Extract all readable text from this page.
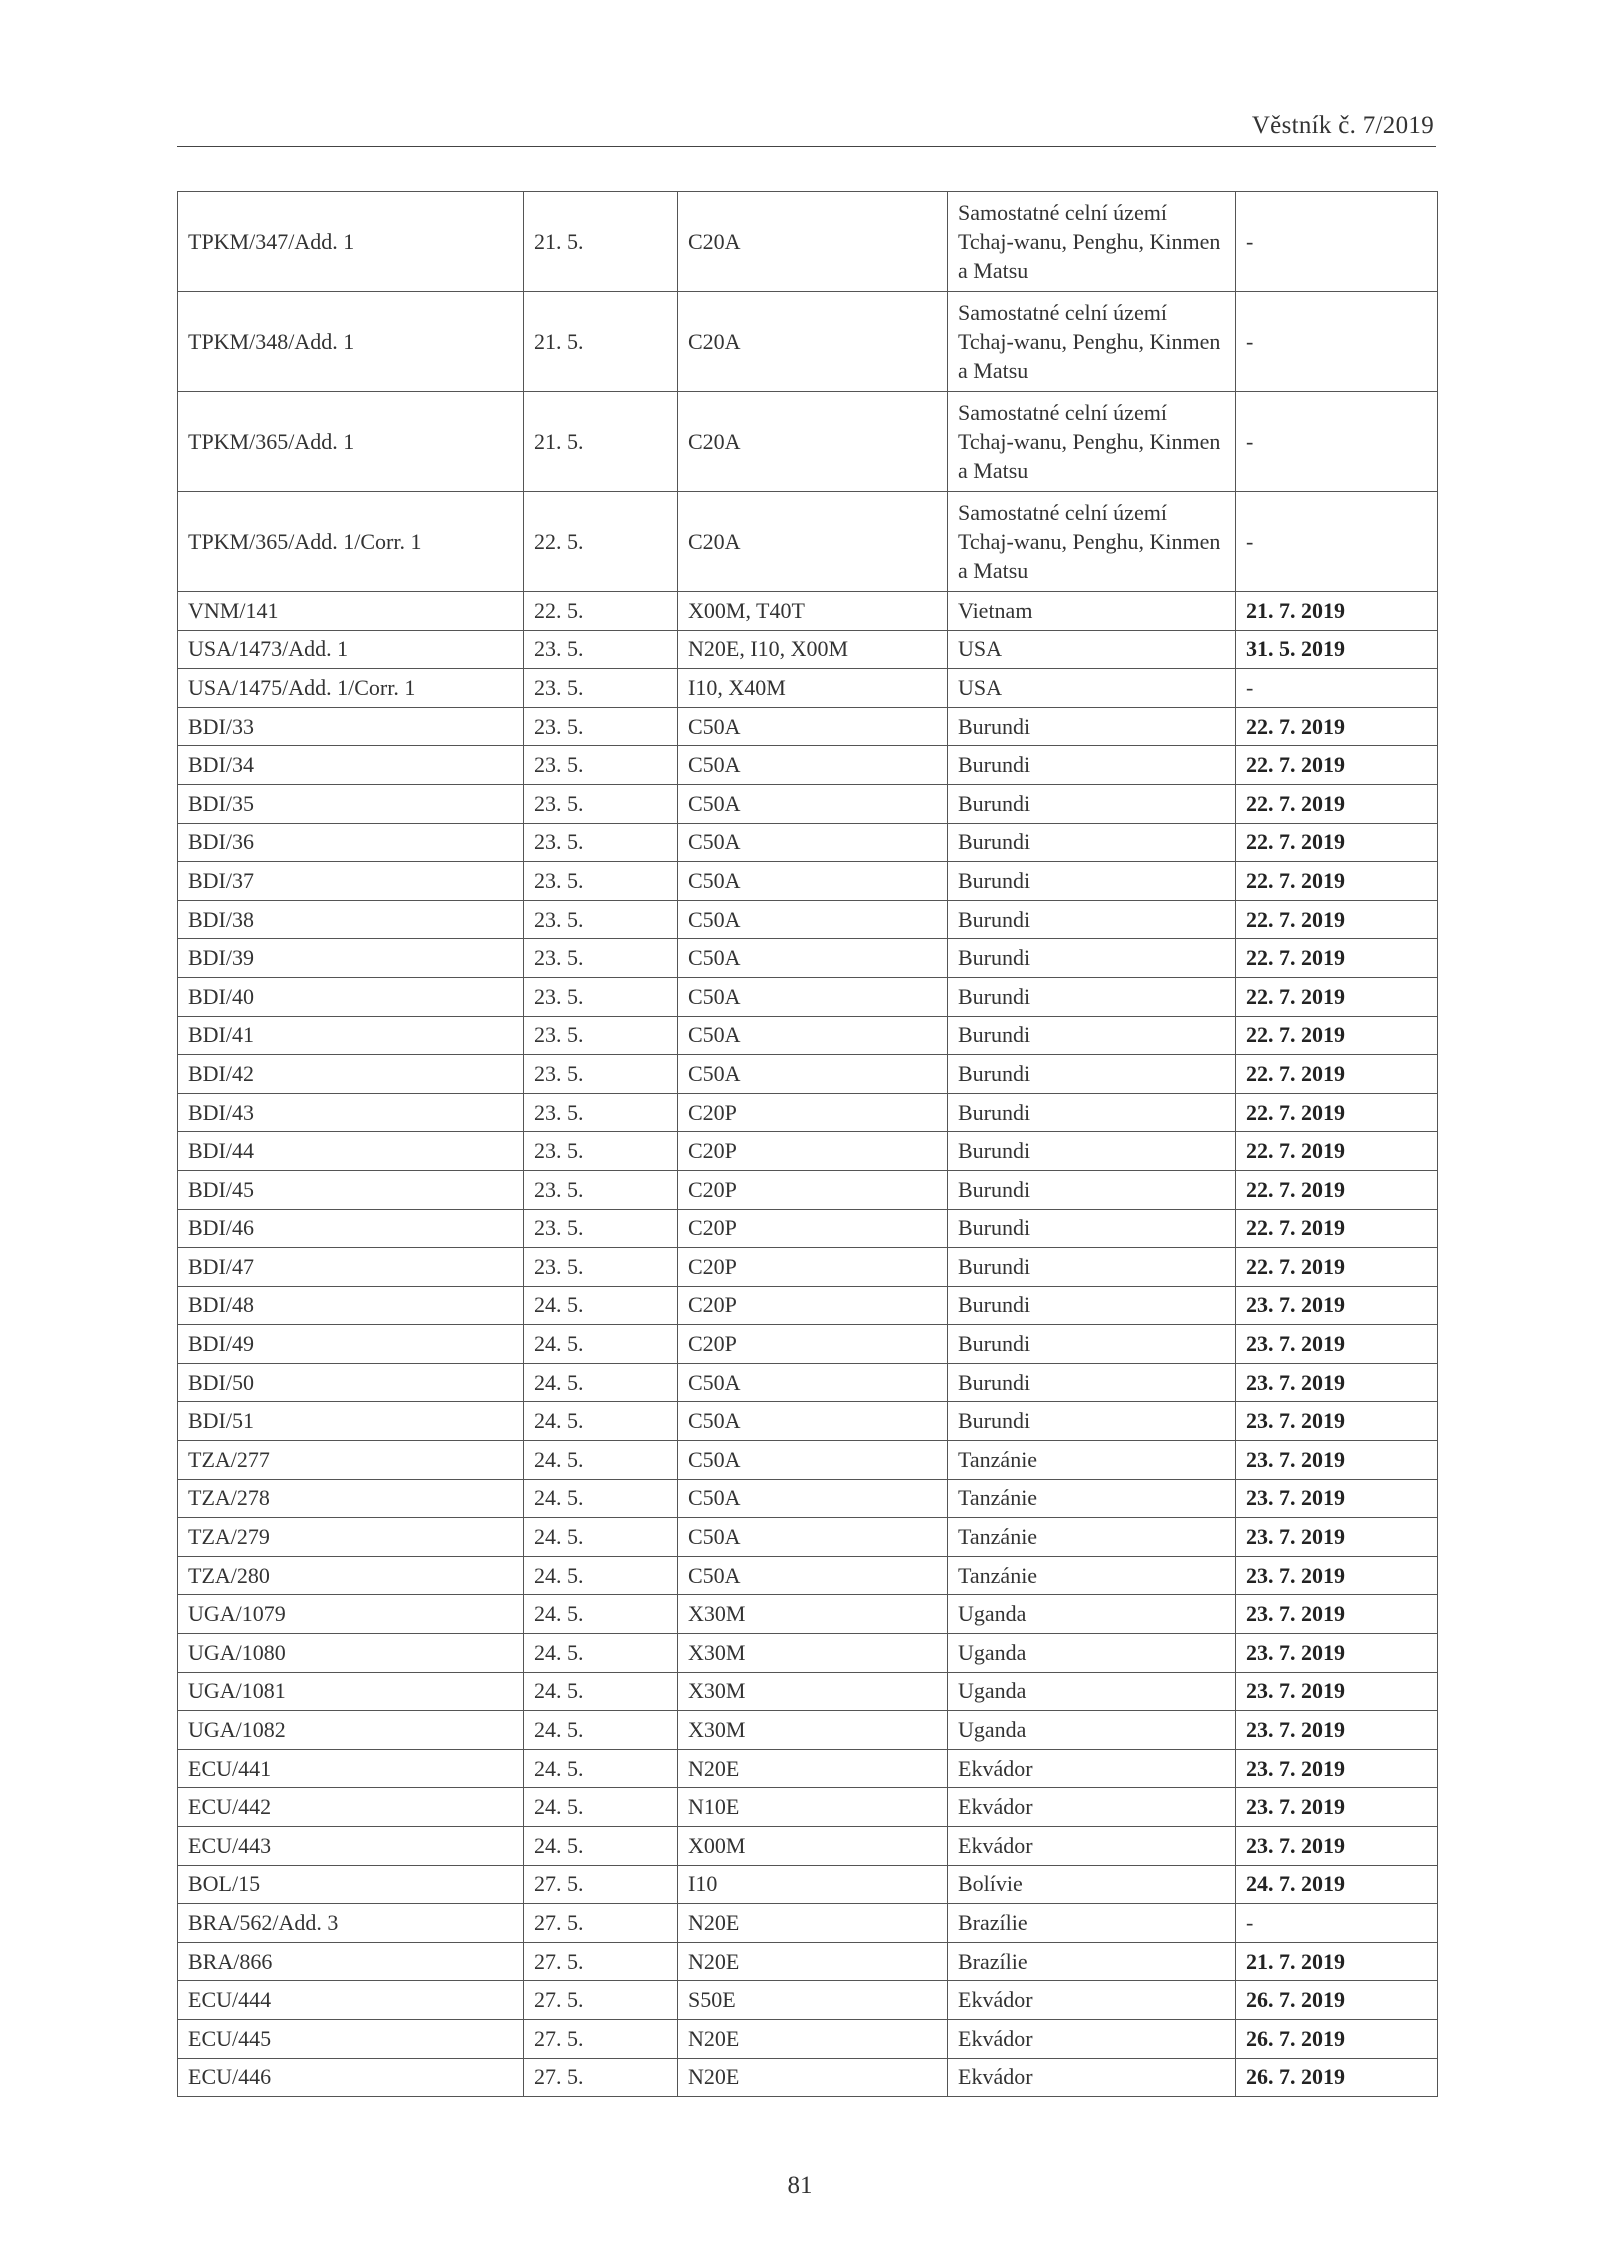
Věstník č. 7/2019
TPKM/347/Add. 1	21. 5.	C20A	Samostatné celní území Tchaj-wanu, Penghu, Kinmen a Matsu	-
TPKM/348/Add. 1	21. 5.	C20A	Samostatné celní území Tchaj-wanu, Penghu, Kinmen a Matsu	-
TPKM/365/Add. 1	21. 5.	C20A	Samostatné celní území Tchaj-wanu, Penghu, Kinmen a Matsu	-
TPKM/365/Add. 1/Corr. 1	22. 5.	C20A	Samostatné celní území Tchaj-wanu, Penghu, Kinmen a Matsu	-
VNM/141	22. 5.	X00M, T40T	Vietnam	21. 7. 2019
USA/1473/Add. 1	23. 5.	N20E, I10, X00M	USA	31. 5. 2019
USA/1475/Add. 1/Corr. 1	23. 5.	I10, X40M	USA	-
BDI/33	23. 5.	C50A	Burundi	22. 7. 2019
BDI/34	23. 5.	C50A	Burundi	22. 7. 2019
BDI/35	23. 5.	C50A	Burundi	22. 7. 2019
BDI/36	23. 5.	C50A	Burundi	22. 7. 2019
BDI/37	23. 5.	C50A	Burundi	22. 7. 2019
BDI/38	23. 5.	C50A	Burundi	22. 7. 2019
BDI/39	23. 5.	C50A	Burundi	22. 7. 2019
BDI/40	23. 5.	C50A	Burundi	22. 7. 2019
BDI/41	23. 5.	C50A	Burundi	22. 7. 2019
BDI/42	23. 5.	C50A	Burundi	22. 7. 2019
BDI/43	23. 5.	C20P	Burundi	22. 7. 2019
BDI/44	23. 5.	C20P	Burundi	22. 7. 2019
BDI/45	23. 5.	C20P	Burundi	22. 7. 2019
BDI/46	23. 5.	C20P	Burundi	22. 7. 2019
BDI/47	23. 5.	C20P	Burundi	22. 7. 2019
BDI/48	24. 5.	C20P	Burundi	23. 7. 2019
BDI/49	24. 5.	C20P	Burundi	23. 7. 2019
BDI/50	24. 5.	C50A	Burundi	23. 7. 2019
BDI/51	24. 5.	C50A	Burundi	23. 7. 2019
TZA/277	24. 5.	C50A	Tanzánie	23. 7. 2019
TZA/278	24. 5.	C50A	Tanzánie	23. 7. 2019
TZA/279	24. 5.	C50A	Tanzánie	23. 7. 2019
TZA/280	24. 5.	C50A	Tanzánie	23. 7. 2019
UGA/1079	24. 5.	X30M	Uganda	23. 7. 2019
UGA/1080	24. 5.	X30M	Uganda	23. 7. 2019
UGA/1081	24. 5.	X30M	Uganda	23. 7. 2019
UGA/1082	24. 5.	X30M	Uganda	23. 7. 2019
ECU/441	24. 5.	N20E	Ekvádor	23. 7. 2019
ECU/442	24. 5.	N10E	Ekvádor	23. 7. 2019
ECU/443	24. 5.	X00M	Ekvádor	23. 7. 2019
BOL/15	27. 5.	I10	Bolívie	24. 7. 2019
BRA/562/Add. 3	27. 5.	N20E	Brazílie	-
BRA/866	27. 5.	N20E	Brazílie	21. 7. 2019
ECU/444	27. 5.	S50E	Ekvádor	26. 7. 2019
ECU/445	27. 5.	N20E	Ekvádor	26. 7. 2019
ECU/446	27. 5.	N20E	Ekvádor	26. 7. 2019
81
